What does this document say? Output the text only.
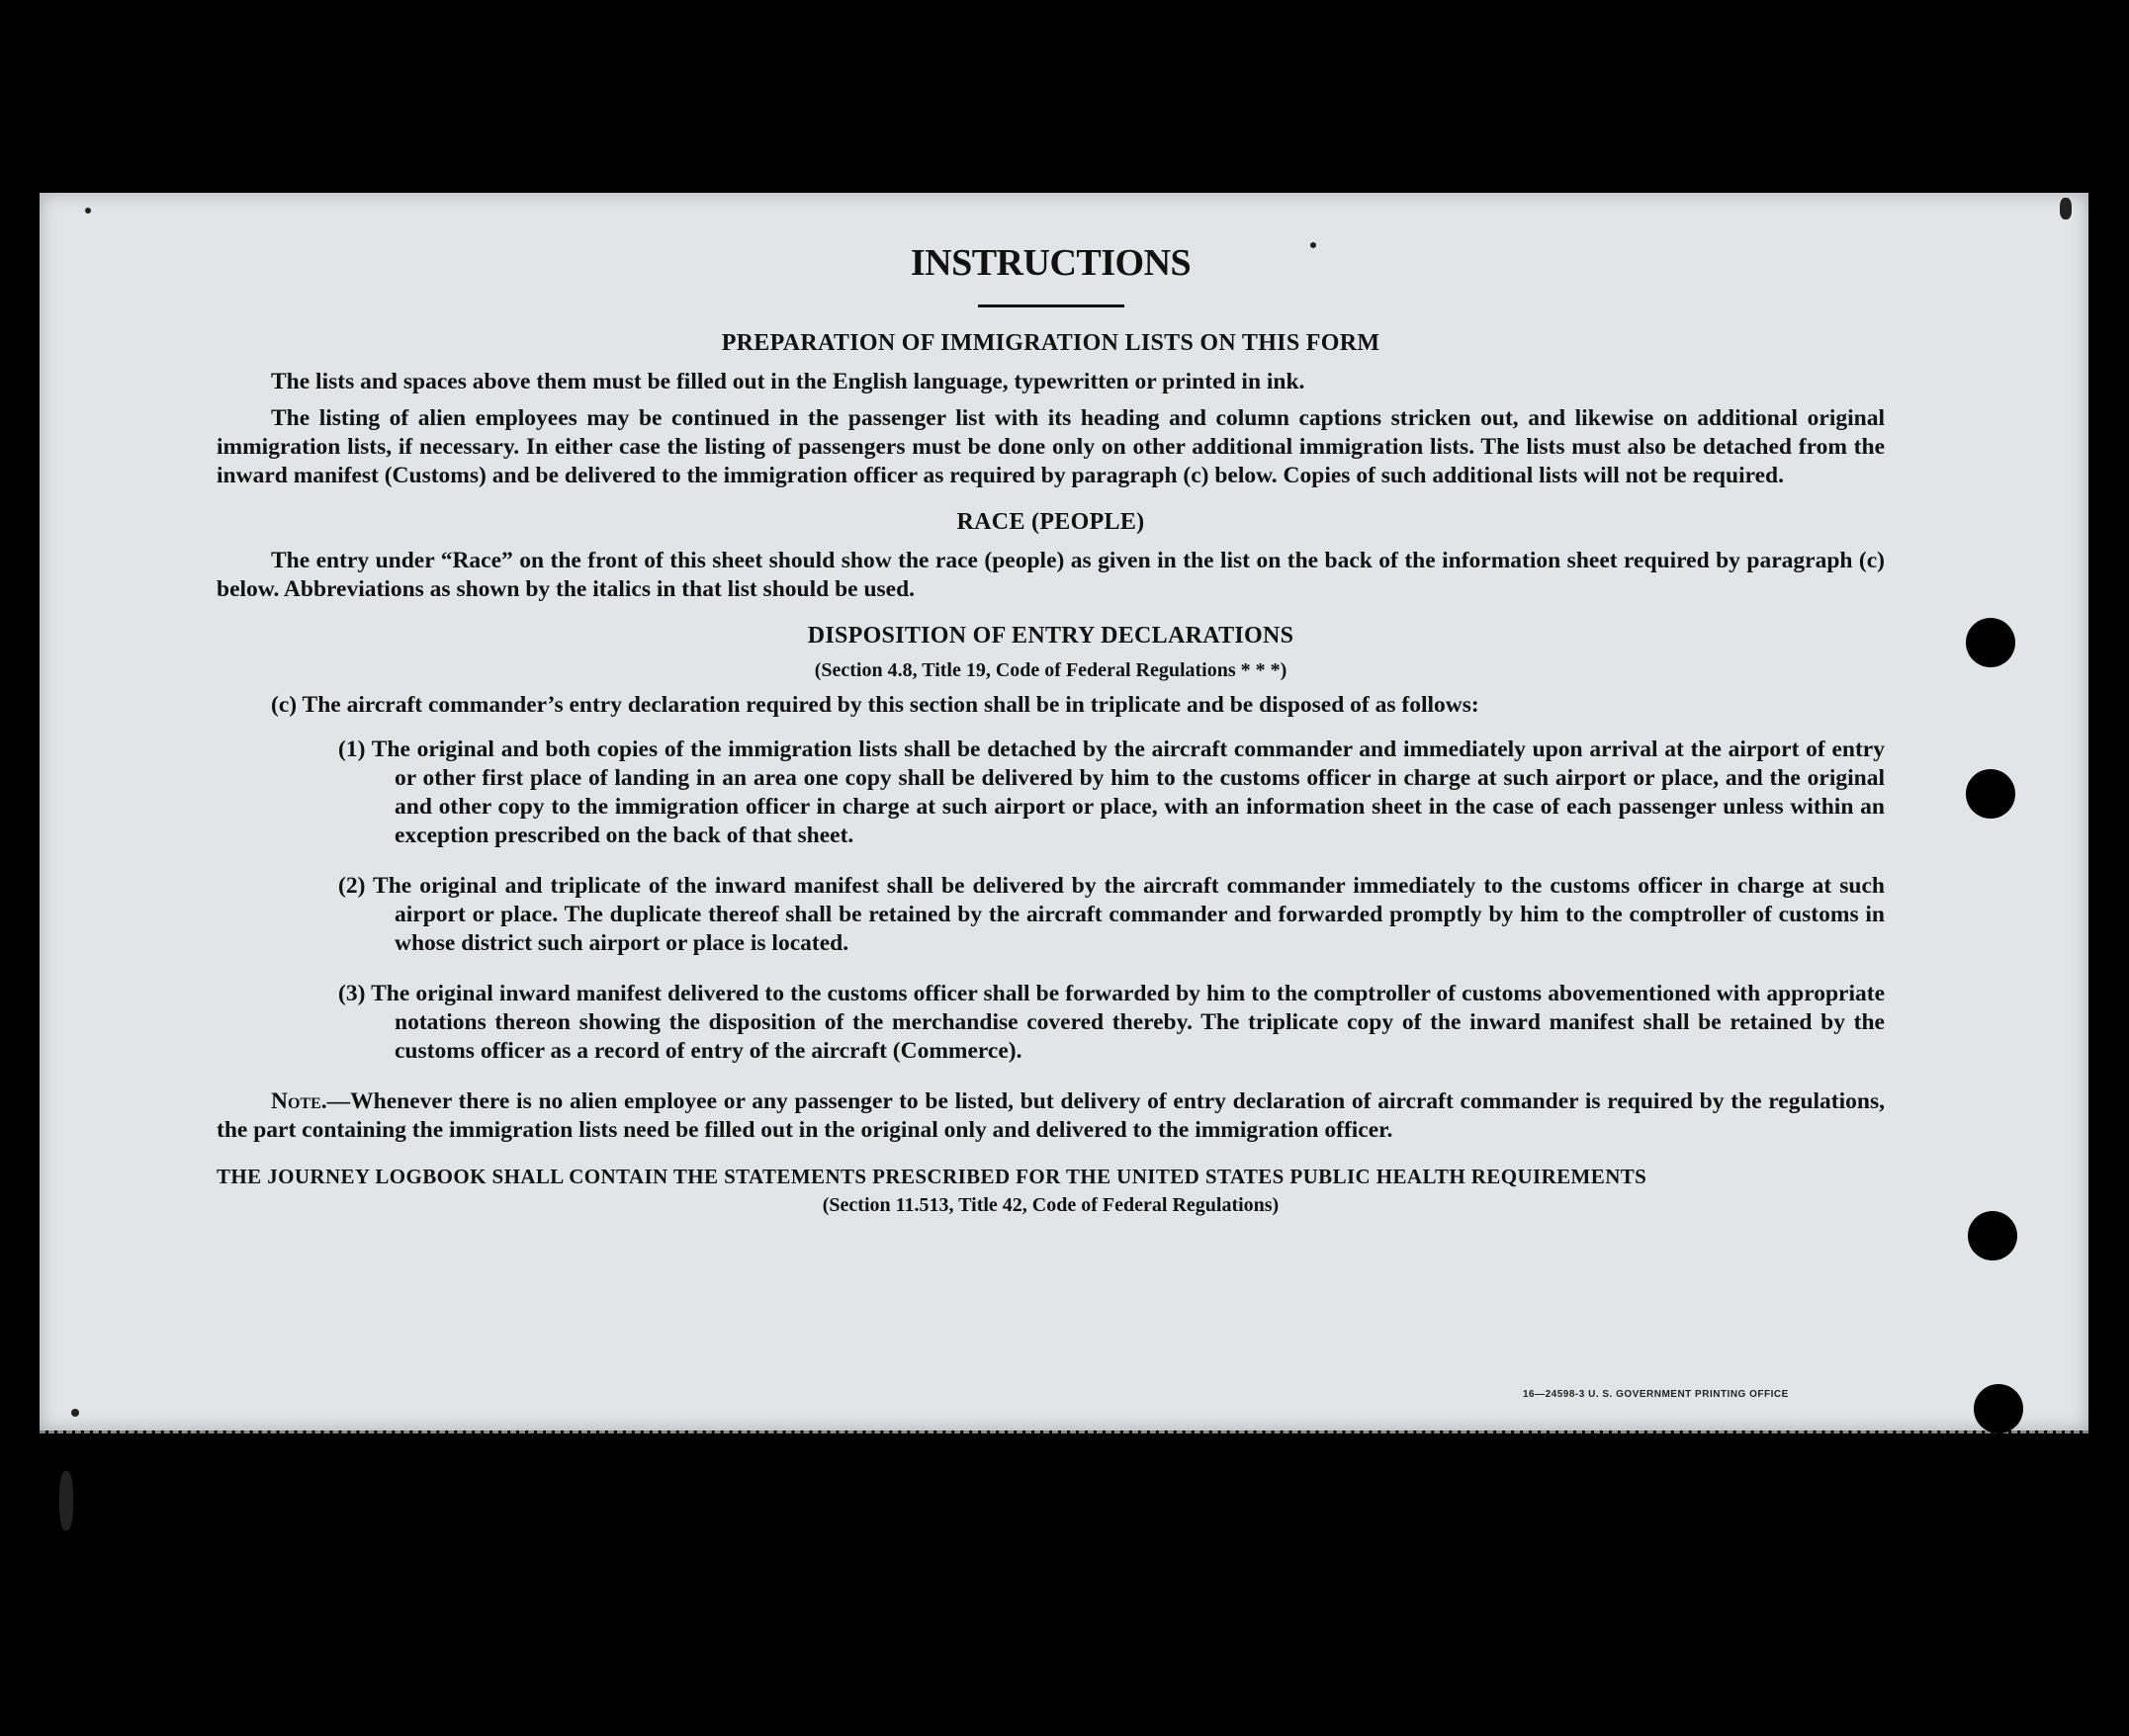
INSTRUCTIONS
PREPARATION OF IMMIGRATION LISTS ON THIS FORM

The lists and spaces above them must be filled out in the English language, typewritten or printed in ink.

The listing of alien employees may be continued in the passenger list with its heading and column captions stricken out, and likewise on additional original immigration lists, if necessary. In either case the listing of passengers must be done only on other additional immigration lists. The lists must also be detached from the inward manifest (Customs) and be delivered to the immigration officer as required by paragraph (c) below. Copies of such additional lists will not be required.

RACE (PEOPLE)

The entry under “Race” on the front of this sheet should show the race (people) as given in the list on the back of the information sheet required by paragraph (c) below. Abbreviations as shown by the italics in that list should be used.

DISPOSITION OF ENTRY DECLARATIONS
(Section 4.8, Title 19, Code of Federal Regulations * * *)

(c) The aircraft commander’s entry declaration required by this section shall be in triplicate and be disposed of as follows:

(1) The original and both copies of the immigration lists shall be detached by the aircraft commander and immediately upon arrival at the airport of entry or other first place of landing in an area one copy shall be delivered by him to the customs officer in charge at such airport or place, and the original and other copy to the immigration officer in charge at such airport or place, with an information sheet in the case of each passenger unless within an exception prescribed on the back of that sheet.

(2) The original and triplicate of the inward manifest shall be delivered by the aircraft commander immediately to the customs officer in charge at such airport or place. The duplicate thereof shall be retained by the aircraft commander and forwarded promptly by him to the comptroller of customs in whose district such airport or place is located.

(3) The original inward manifest delivered to the customs officer shall be forwarded by him to the comptroller of customs abovementioned with appropriate notations thereon showing the disposition of the merchandise covered thereby. The triplicate copy of the inward manifest shall be retained by the customs officer as a record of entry of the aircraft (Commerce).

Note.—Whenever there is no alien employee or any passenger to be listed, but delivery of entry declaration of aircraft commander is required by the regulations, the part containing the immigration lists need be filled out in the original only and delivered to the immigration officer.

THE JOURNEY LOGBOOK SHALL CONTAIN THE STATEMENTS PRESCRIBED FOR THE UNITED STATES PUBLIC HEALTH REQUIREMENTS

(Section 11.513, Title 42, Code of Federal Regulations)
16—24598-3 U. S. GOVERNMENT PRINTING OFFICE
